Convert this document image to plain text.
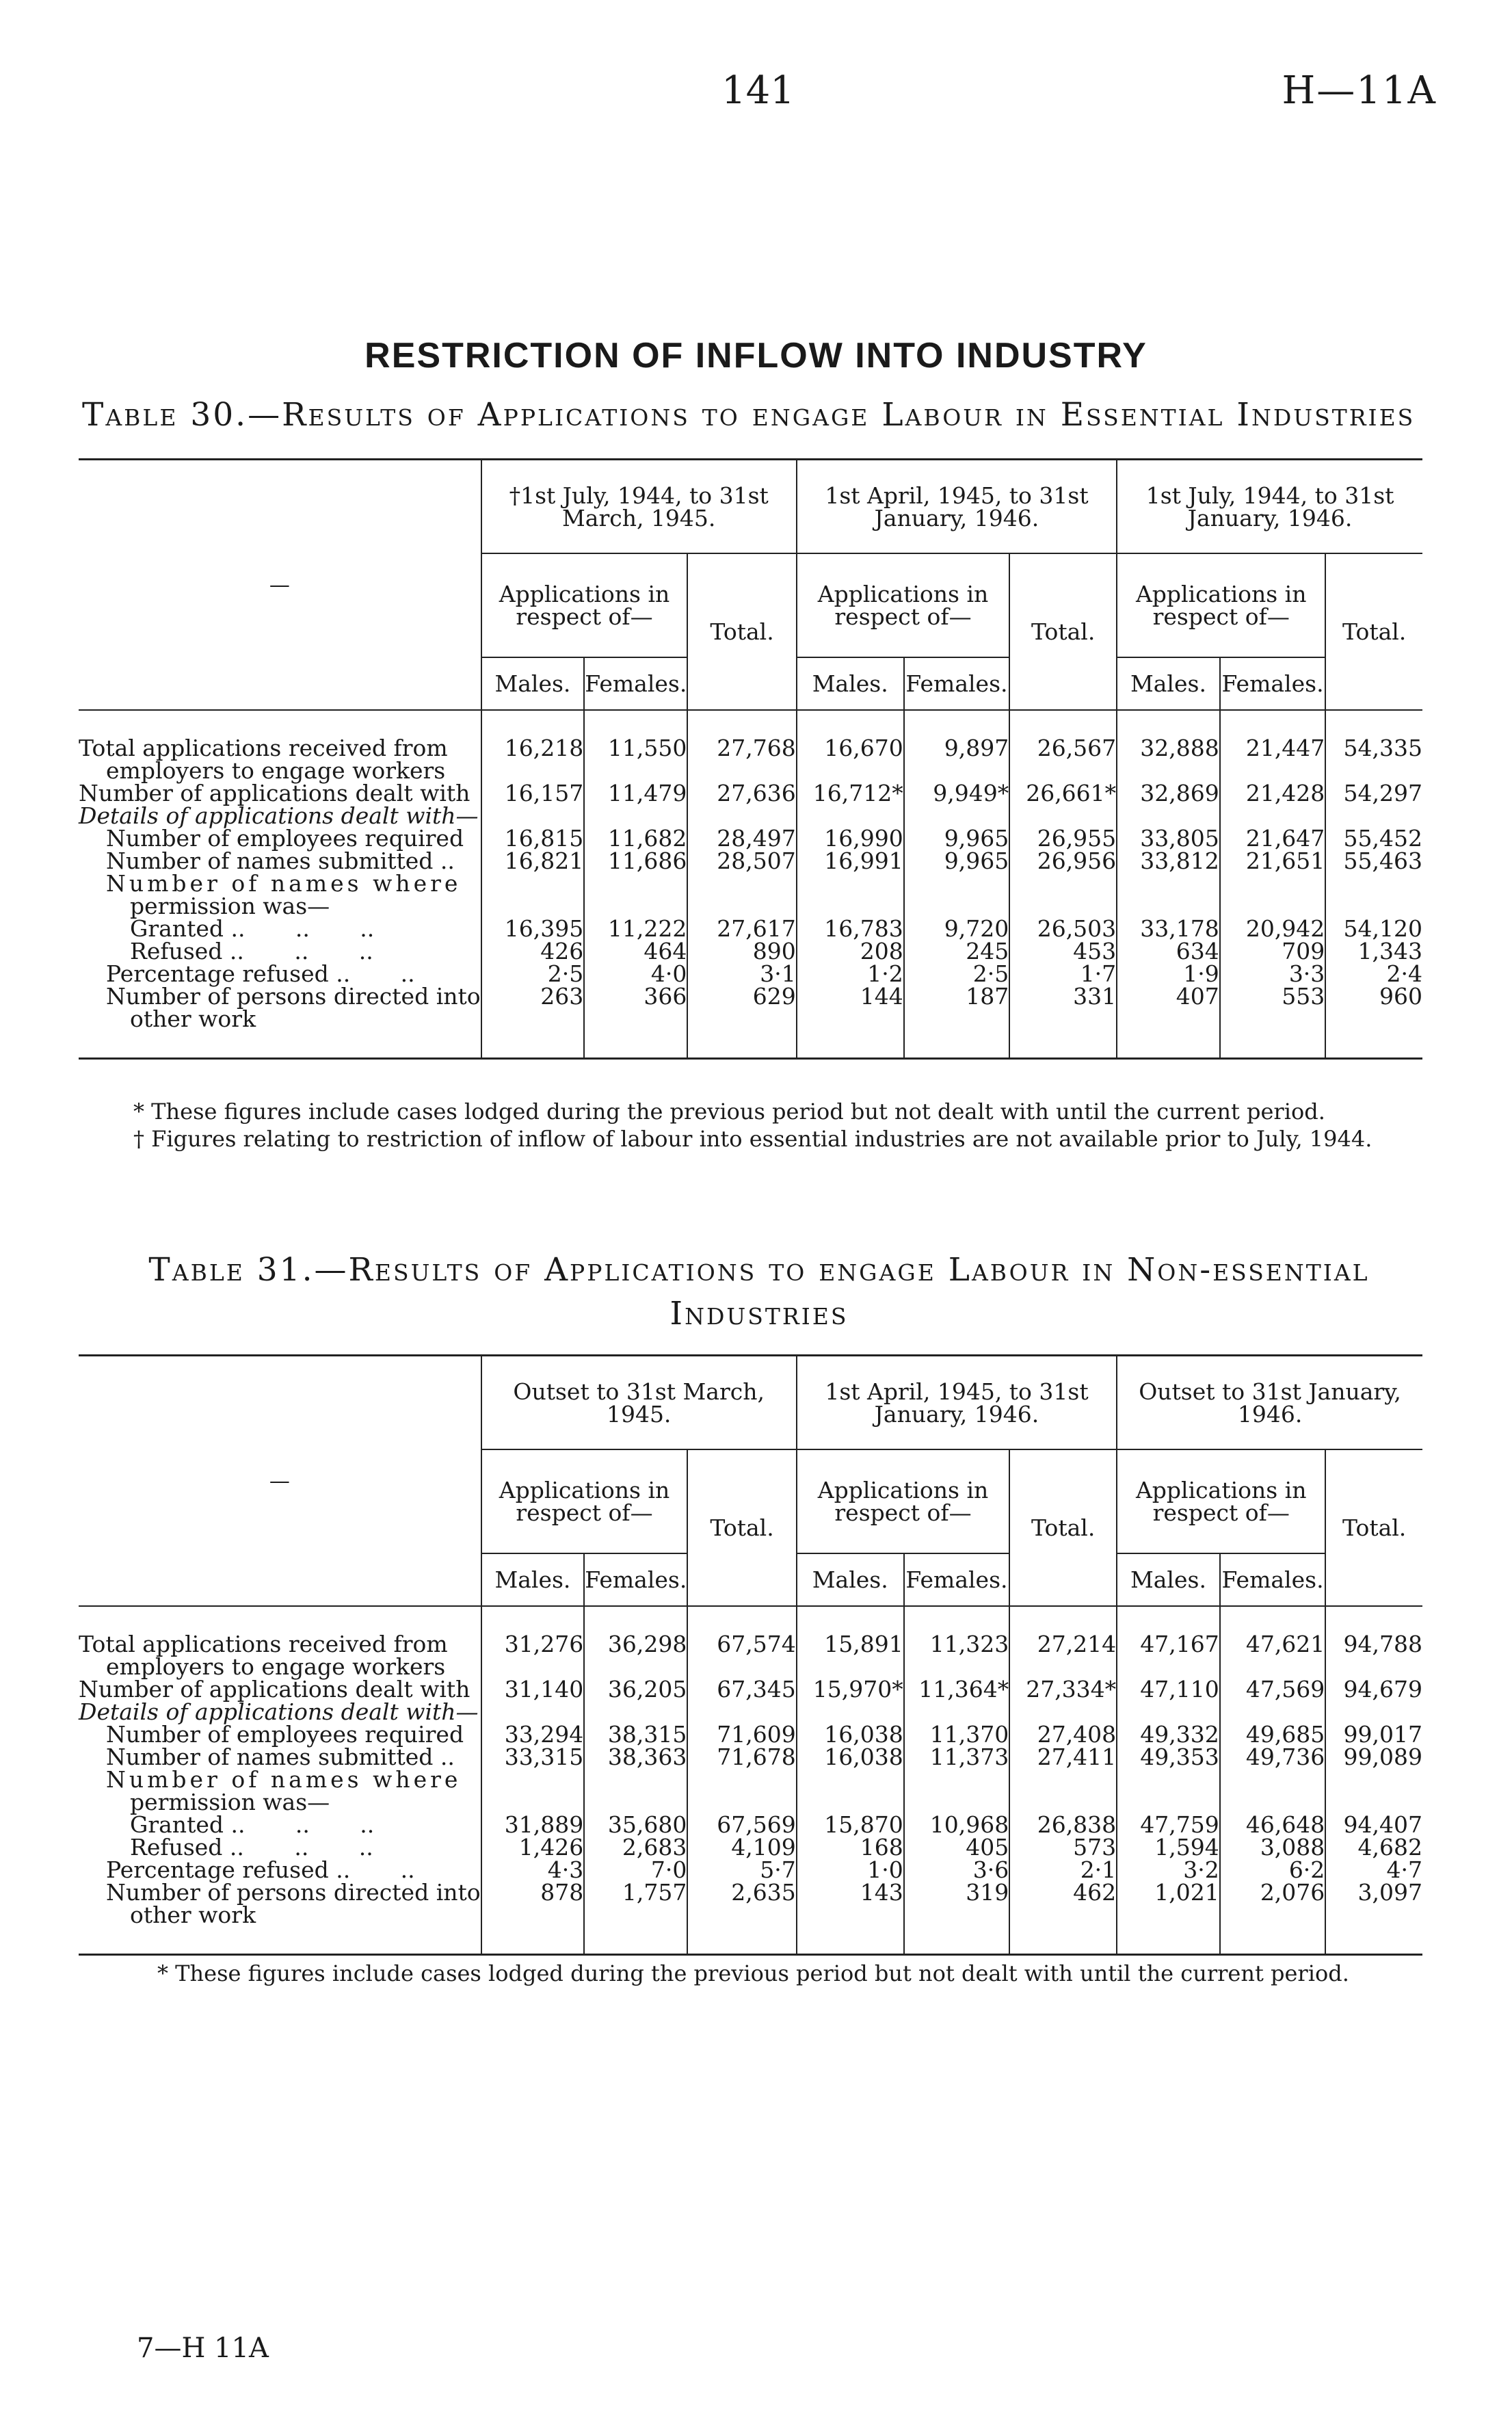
141	H—11A
RESTRICTION OF INFLOW INTO INDUSTRY
Table 30.—Results of Applications to engage Labour in Essential Industries
—	†1st July, 1944, to 31st March, 1945.			1st April, 1945, to 31st January, 1946.			1st July, 1944, to 31st January, 1946.		
	Applications in respect of—		Total.	Applications in respect of—		Total.	Applications in respect of—		Total.
	Males.	Females.		Males.	Females.		Males.	Females.	

Total applications received from	16,218	11,550	27,768	16,670	9,897	26,567	32,888	21,447	54,335
employers to engage workers									
Number of applications dealt with	16,157	11,479	27,636	16,712*	9,949*	26,661*	32,869	21,428	54,297
Details of applications dealt with—									
Number of employees required	16,815	11,682	28,497	16,990	9,965	26,955	33,805	21,647	55,452
Number of names submitted ..	16,821	11,686	28,507	16,991	9,965	26,956	33,812	21,651	55,463
Number of names where									
permission was—									
Granted ..       ..       ..	16,395	11,222	27,617	16,783	9,720	26,503	33,178	20,942	54,120
Refused ..       ..       ..	426	464	890	208	245	453	634	709	1,343
Percentage refused ..       ..	2·5	4·0	3·1	1·2	2·5	1·7	1·9	3·3	2·4
Number of persons directed into	263	366	629	144	187	331	407	553	960
other work									

* These figures include cases lodged during the previous period but not dealt with until the current period.
† Figures relating to restriction of inflow of labour into essential industries are not available prior to July, 1944.
Table 31.—Results of Applications to engage Labour in Non-essential
Industries
—	Outset to 31st March, 1945.			1st April, 1945, to 31st January, 1946.			Outset to 31st January, 1946.		
	Applications in respect of—		Total.	Applications in respect of—		Total.	Applications in respect of—		Total.
	Males.	Females.		Males.	Females.		Males.	Females.	

Total applications received from	31,276	36,298	67,574	15,891	11,323	27,214	47,167	47,621	94,788
employers to engage workers									
Number of applications dealt with	31,140	36,205	67,345	15,970*	11,364*	27,334*	47,110	47,569	94,679
Details of applications dealt with—									
Number of employees required	33,294	38,315	71,609	16,038	11,370	27,408	49,332	49,685	99,017
Number of names submitted ..	33,315	38,363	71,678	16,038	11,373	27,411	49,353	49,736	99,089
Number of names where									
permission was—									
Granted ..       ..       ..	31,889	35,680	67,569	15,870	10,968	26,838	47,759	46,648	94,407
Refused ..       ..       ..	1,426	2,683	4,109	168	405	573	1,594	3,088	4,682
Percentage refused ..       ..	4·3	7·0	5·7	1·0	3·6	2·1	3·2	6·2	4·7
Number of persons directed into	878	1,757	2,635	143	319	462	1,021	2,076	3,097
other work									

* These figures include cases lodged during the previous period but not dealt with until the current period.
7—H 11A
